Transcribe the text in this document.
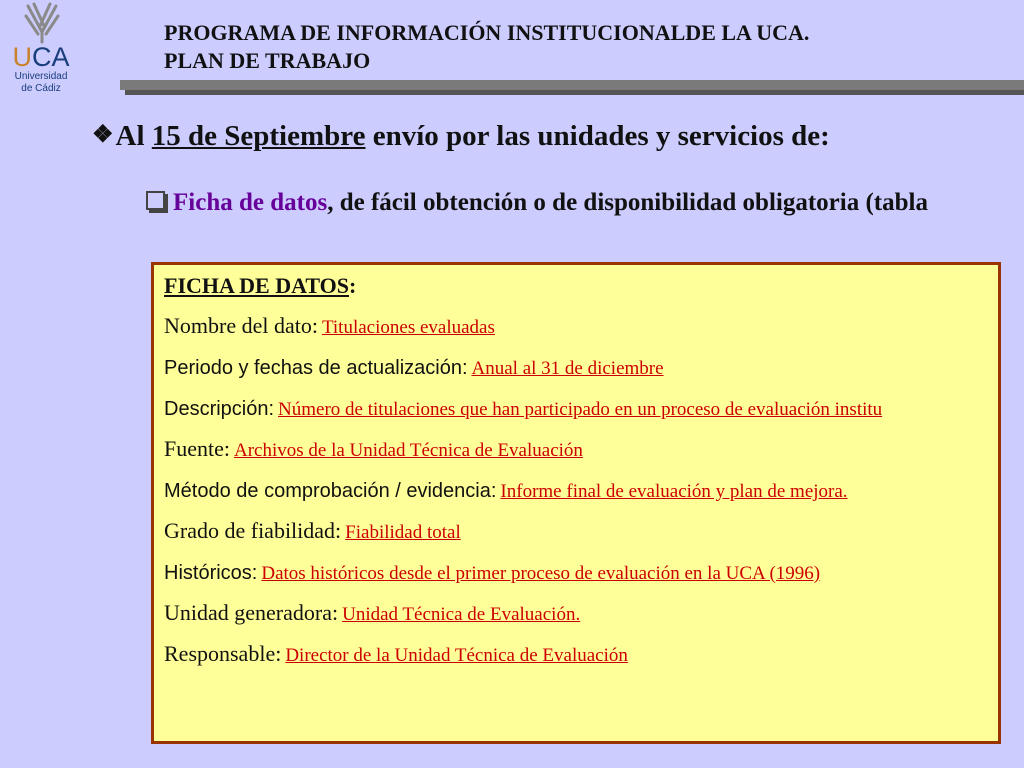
UCA
Universidad
de Cádiz
PROGRAMA DE INFORMACIÓN INSTITUCIONALDE LA UCA.
PLAN DE TRABAJO
❖Al 15 de Septiembre envío por las unidades y servicios de:
Ficha de datos, de fácil obtención o de disponibilidad obligatoria (tabla
FICHA DE DATOS:
Nombre del dato: Titulaciones evaluadas
Periodo y fechas de actualización: Anual al 31 de diciembre
Descripción: Número de titulaciones que han participado en un proceso de evaluación institu
Fuente: Archivos de la Unidad Técnica de Evaluación
Método de comprobación / evidencia: Informe final de evaluación y plan de mejora.
Grado de fiabilidad: Fiabilidad total
Históricos: Datos históricos desde el primer proceso de evaluación en la UCA (1996)
Unidad generadora: Unidad Técnica de Evaluación.
Responsable: Director de la Unidad Técnica de Evaluación
